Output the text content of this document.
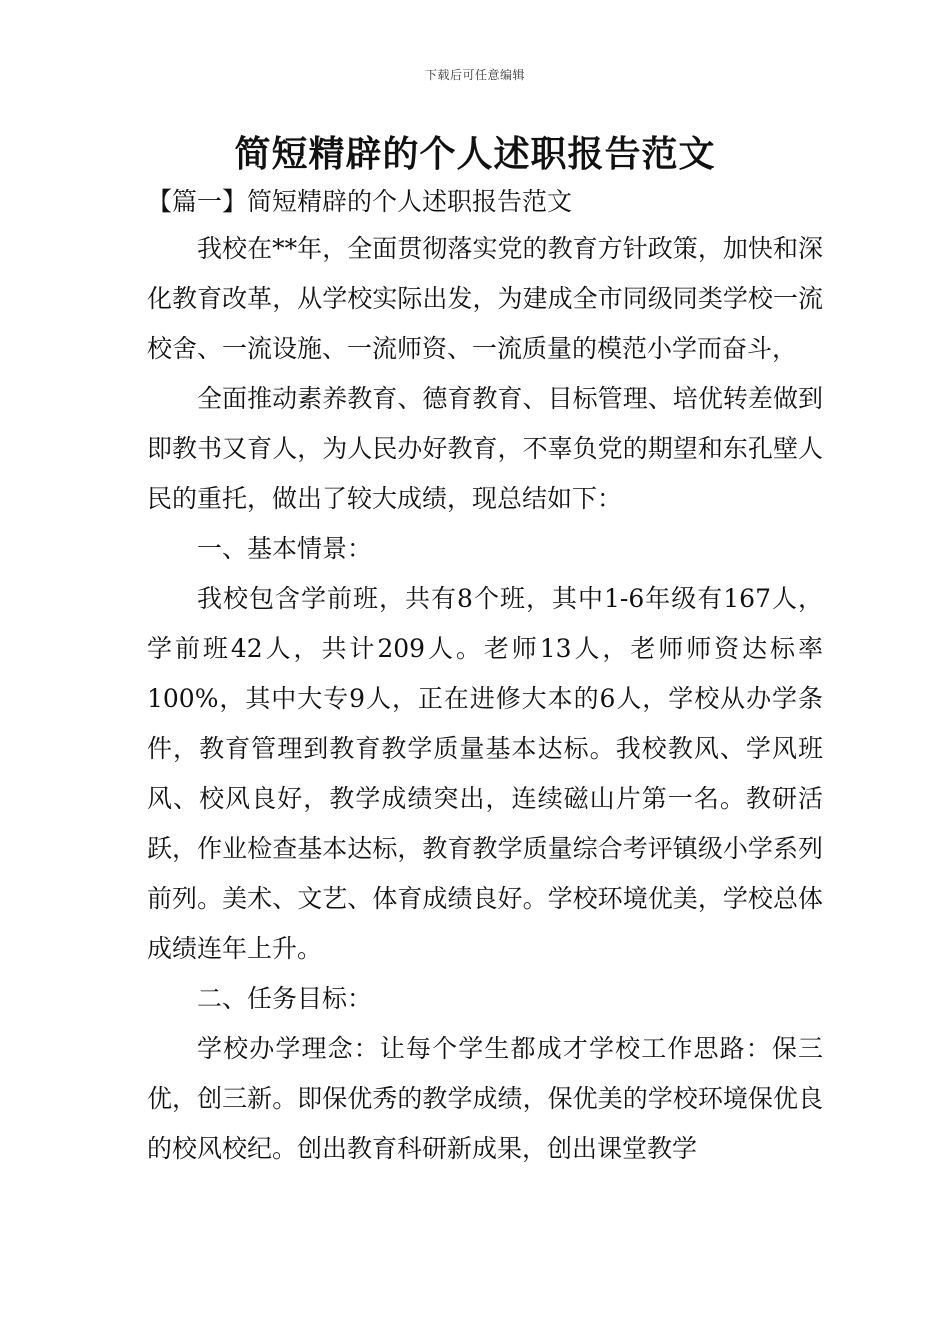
下载后可任意编辑
简短精辟的个人述职报告范文
【篇一】简短精辟的个人述职报告范文

我校在**年，全面贯彻落实党的教育方针政策，加快和深化教育改革，从学校实际出发，为建成全市同级同类学校一流校舍、一流设施、一流师资、一流质量的模范小学而奋斗，

全面推动素养教育、德育教育、目标管理、培优转差做到即教书又育人，为人民办好教育，不辜负党的期望和东孔壁人民的重托，做出了较大成绩，现总结如下：

一、基本情景：

我校包含学前班，共有8个班，其中1-6年级有167人，学前班42人，共计209人。老师13人，老师师资达标率100%，其中大专9人，正在进修大本的6人，学校从办学条件，教育管理到教育教学质量基本达标。我校教风、学风班风、校风良好，教学成绩突出，连续磁山片第一名。教研活跃，作业检查基本达标，教育教学质量综合考评镇级小学系列前列。美术、文艺、体育成绩良好。学校环境优美，学校总体成绩连年上升。

二、任务目标：

学校办学理念：让每个学生都成才学校工作思路：保三优，创三新。即保优秀的教学成绩，保优美的学校环境保优良的校风校纪。创出教育科研新成果，创出课堂教学
